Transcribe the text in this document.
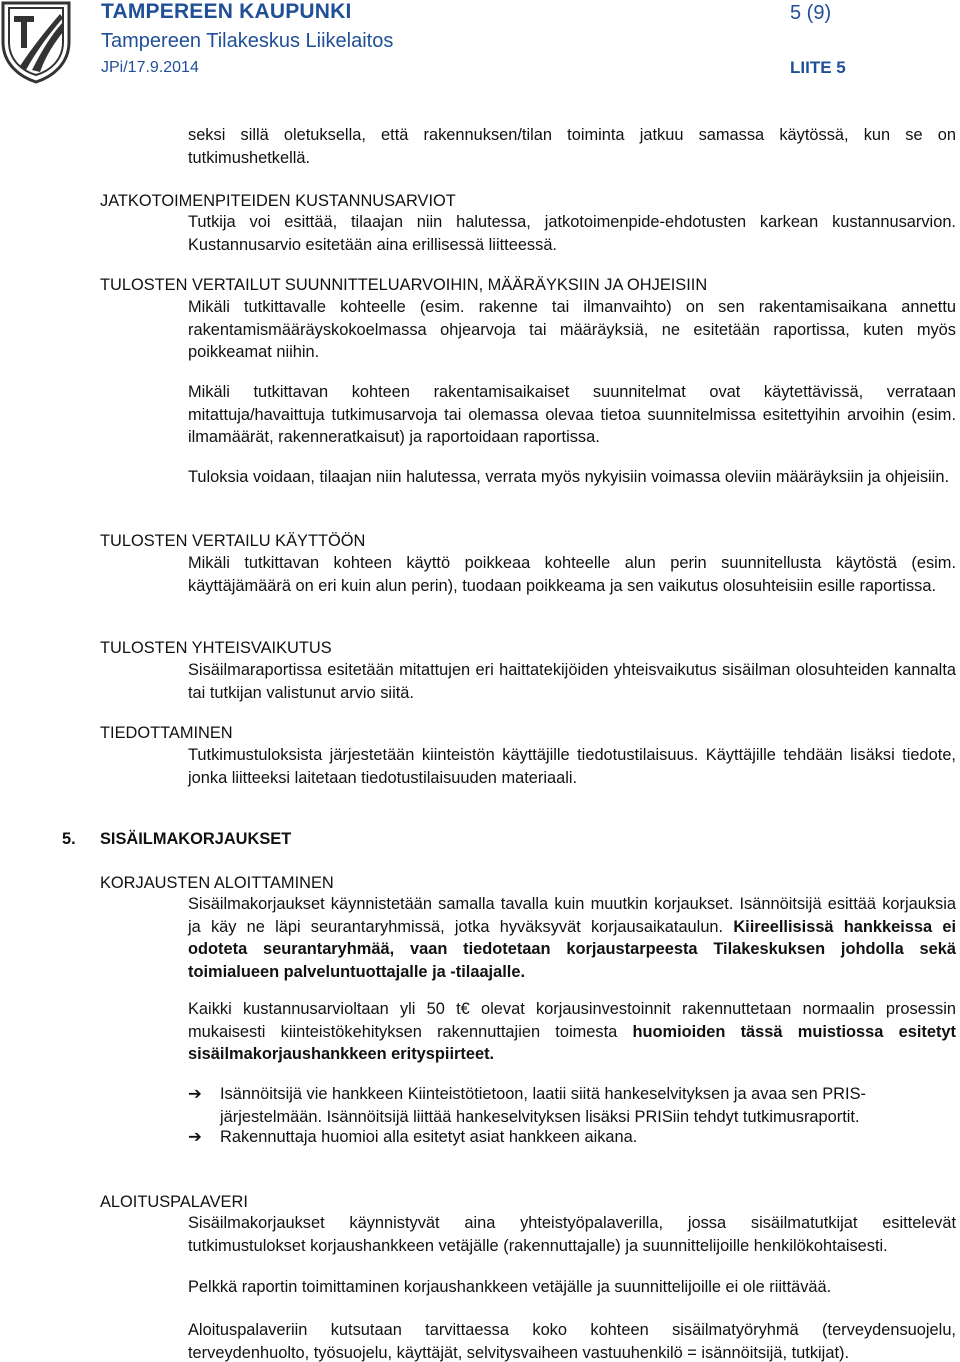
TAMPEREEN KAUPUNKI
Tampereen Tilakeskus Liikelaitos
JPi/17.9.2014
5 (9)
LIITE 5
seksi sillä oletuksella, että rakennuksen/tilan toiminta jatkuu samassa käytössä, kun se on tutkimushetkellä.
JATKOTOIMENPITEIDEN KUSTANNUSARVIOT
Tutkija voi esittää, tilaajan niin halutessa, jatkotoimenpide-ehdotusten karkean kustannusarvion. Kustannusarvio esitetään aina erillisessä liitteessä.
TULOSTEN VERTAILUT SUUNNITTELUARVOIHIN, MÄÄRÄYKSIIN JA OHJEISIIN
Mikäli tutkittavalle kohteelle (esim. rakenne tai ilmanvaihto) on sen rakentamisaikana annettu rakentamismääräyskokoelmassa ohjearvoja tai määräyksiä, ne esitetään raportissa, kuten myös poikkeamat niihin.
Mikäli tutkittavan kohteen rakentamisaikaiset suunnitelmat ovat käytettävissä, verrataan mitattuja/havaittuja tutkimusarvoja tai olemassa olevaa tietoa suunnitelmissa esitettyihin arvoihin (esim. ilmamäärät, rakenneratkaisut) ja raportoidaan raportissa.
Tuloksia voidaan, tilaajan niin halutessa, verrata myös nykyisiin voimassa oleviin määräyksiin ja ohjeisiin.
TULOSTEN VERTAILU KÄYTTÖÖN
Mikäli tutkittavan kohteen käyttö poikkeaa kohteelle alun perin suunnitellusta käytöstä (esim. käyttäjämäärä on eri kuin alun perin), tuodaan poikkeama ja sen vaikutus olosuhteisiin esille raportissa.
TULOSTEN YHTEISVAIKUTUS
Sisäilmaraportissa esitetään mitattujen eri haittatekijöiden yhteisvaikutus sisäilman olosuhteiden kannalta tai tutkijan valistunut arvio siitä.
TIEDOTTAMINEN
Tutkimustuloksista järjestetään kiinteistön käyttäjille tiedotustilaisuus. Käyttäjille tehdään lisäksi tiedote, jonka liitteeksi laitetaan tiedotustilaisuuden materiaali.
5. SISÄILMAKORJAUKSET
KORJAUSTEN ALOITTAMINEN
Sisäilmakorjaukset käynnistetään samalla tavalla kuin muutkin korjaukset. Isännöitsijä esittää korjauksia ja käy ne läpi seurantaryhmissä, jotka hyväksyvät korjausaikataulun. Kiireellisissä hankkeissa ei odoteta seurantaryhmää, vaan tiedotetaan korjaustarpeesta Tilakeskuksen johdolla sekä toimialueen palveluntuottajalle ja -tilaajalle.
Kaikki kustannusarvioltaan yli 50 t€ olevat korjausinvestoinnit rakennuttetaan normaalin prosessin mukaisesti kiinteistökehityksen rakennuttajien toimesta huomioiden tässä muistiossa esitetyt sisäilmakorjaushankkeen erityspiirteet.
➔	Isännöitsijä vie hankkeen Kiinteistötietoon, laatii siitä hankeselvityksen ja avaa sen PRIS-järjestelmään. Isännöitsijä liittää hankeselvityksen lisäksi PRISiin tehdyt tutkimusraportit.
➔	Rakennuttaja huomioi alla esitetyt asiat hankkeen aikana.
ALOITUSPALAVERI
Sisäilmakorjaukset käynnistyvät aina yhteistyöpalaverilla, jossa sisäilmatutkijat esittelevät tutkimustulokset korjaushankkeen vetäjälle (rakennuttajalle) ja suunnittelijoille henkilökohtaisesti.
Pelkkä raportin toimittaminen korjaushankkeen vetäjälle ja suunnittelijoille ei ole riittävää.
Aloituspalaveriin kutsutaan tarvittaessa koko kohteen sisäilmatyöryhmä (terveydensuojelu, terveydenhuolto, työsuojelu, käyttäjät, selvitysvaiheen vastuuhenkilö = isännöitsijä, tutkijat).
